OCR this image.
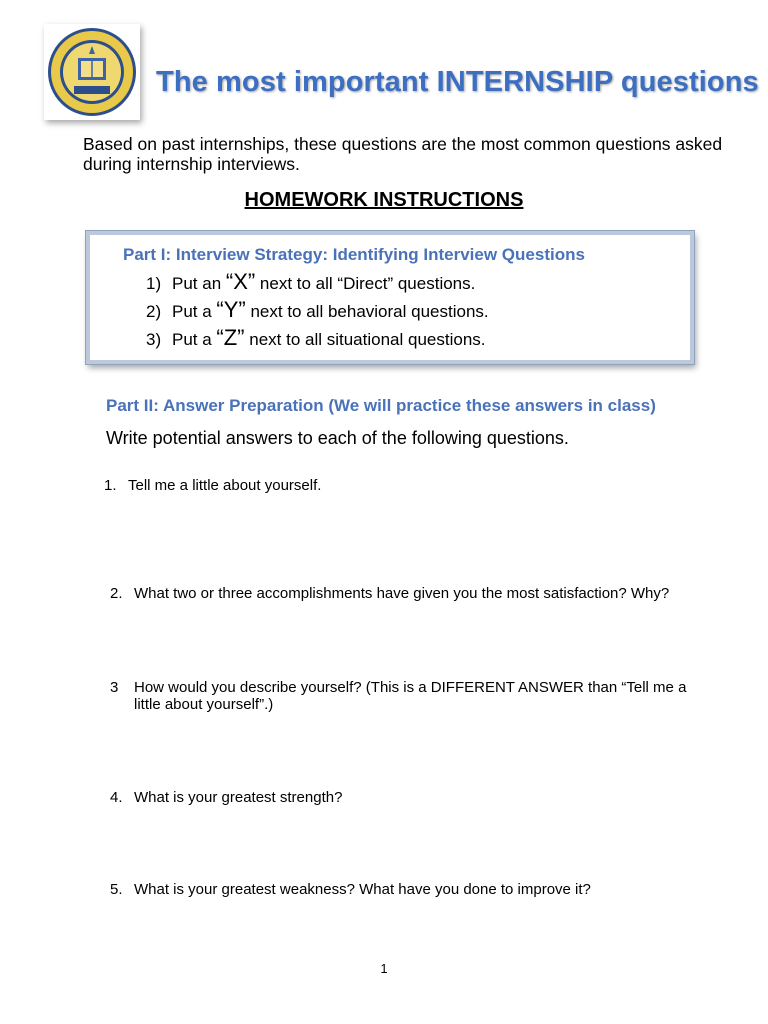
The most important INTERNSHIP questions
Based on past internships, these questions are the most common questions asked during internship interviews.
HOMEWORK INSTRUCTIONS
Part I: Interview Strategy: Identifying Interview Questions
1) Put an “X” next to all “Direct” questions.
2) Put a “Y” next to all behavioral questions.
3) Put a “Z” next to all situational questions.
Part II: Answer Preparation (We will practice these answers in class)
Write potential answers to each of the following questions.
1. Tell me a little about yourself.
2. What two or three accomplishments have given you the most satisfaction? Why?
3 How would you describe yourself? (This is a DIFFERENT ANSWER than “Tell me a
little about yourself”.)
4. What is your greatest strength?
5. What is your greatest weakness? What have you done to improve it?
1
